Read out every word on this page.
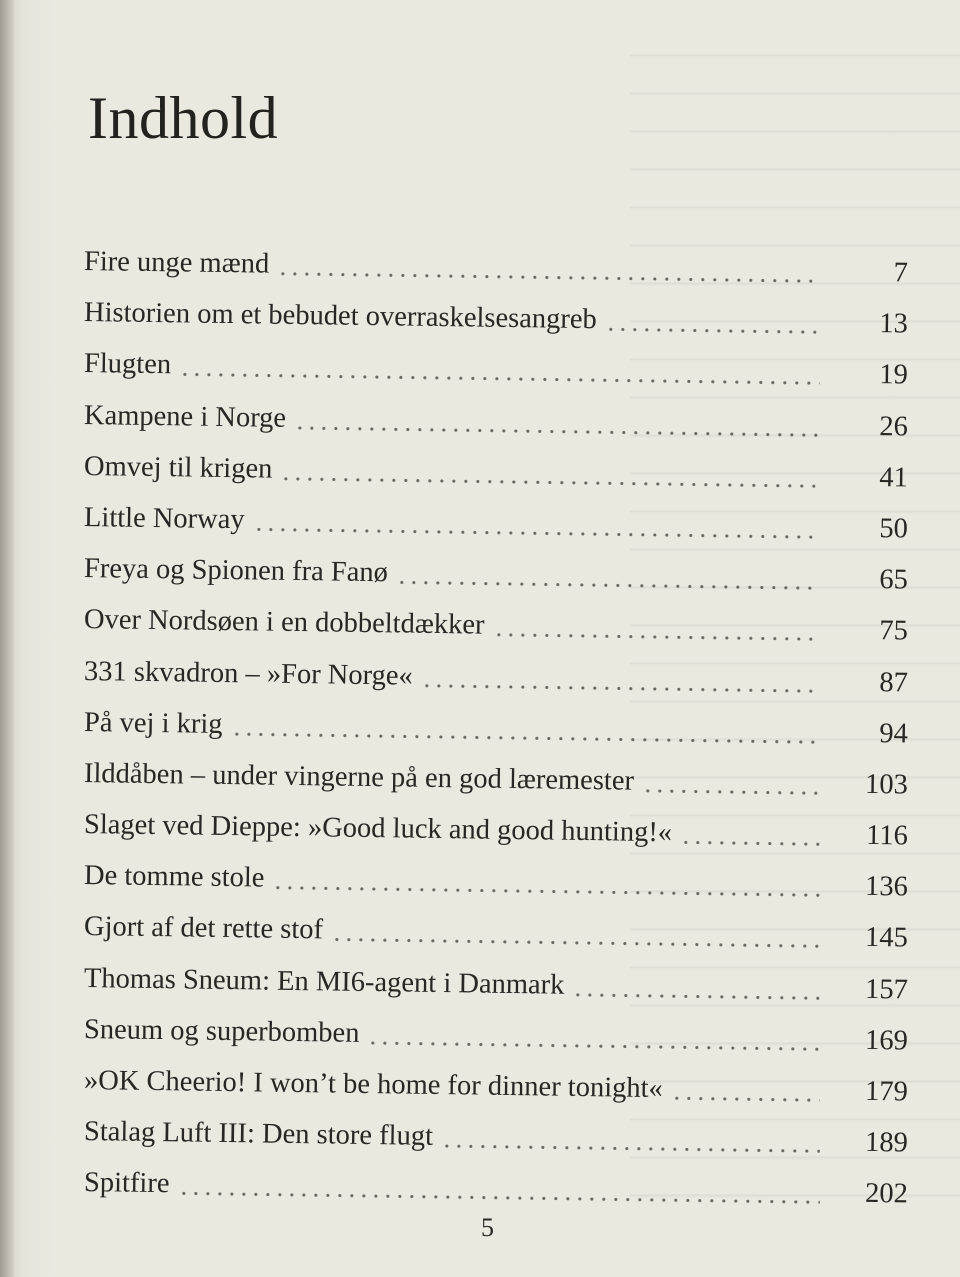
Indhold
Fire unge mænd	7
Historien om et bebudet overraskelsesangreb	13
Flugten	19
Kampene i Norge	26
Omvej til krigen	41
Little Norway	50
Freya og Spionen fra Fanø	65
Over Nordsøen i en dobbeltdækker	75
331 skvadron – »For Norge«	87
På vej i krig	94
Ilddåben – under vingerne på en god læremester	103
Slaget ved Dieppe: »Good luck and good hunting!«	116
De tomme stole	136
Gjort af det rette stof	145
Thomas Sneum: En MI6-agent i Danmark	157
Sneum og superbomben	169
»OK Cheerio! I won’t be home for dinner tonight«	179
Stalag Luft III: Den store flugt	189
Spitfire	202
5
